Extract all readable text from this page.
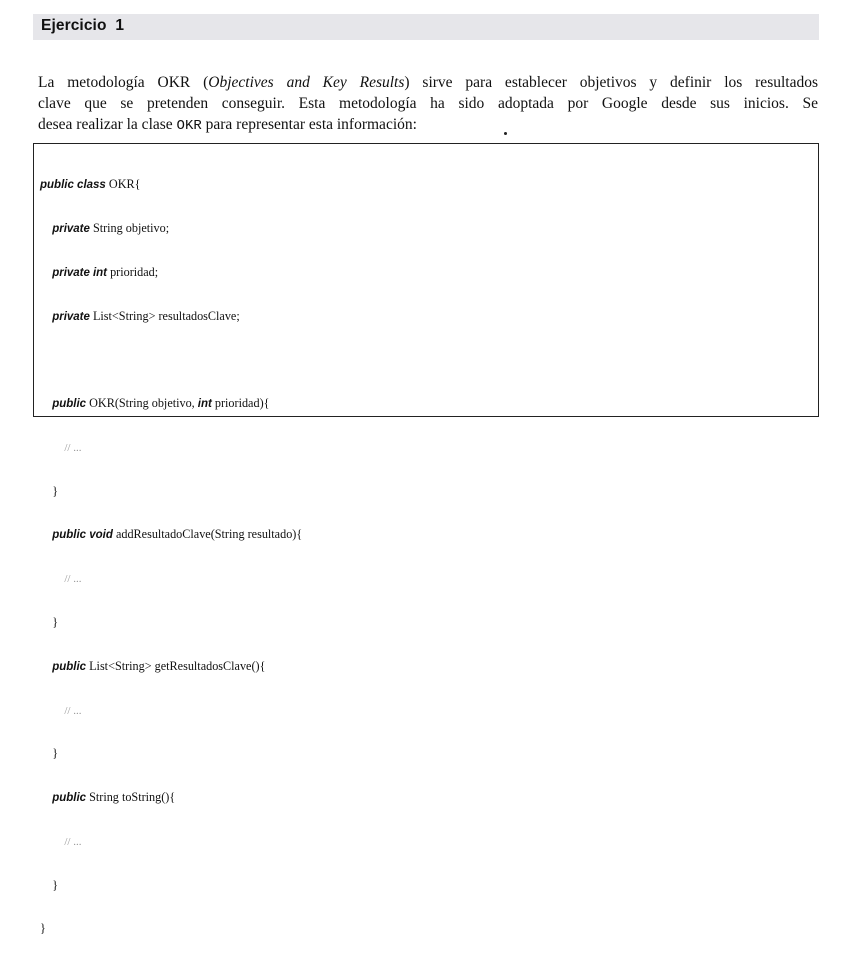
Ejercicio  1
La metodología OKR (Objectives and Key Results) sirve para establecer objetivos y definir los resultados
clave que se pretenden conseguir. Esta metodología ha sido adoptada por Google desde sus inicios. Se
desea realizar la clase OKR para representar esta información:

public class OKR{

private String objetivo;

private int prioridad;

private List<String> resultadosClave;

public OKR(String objetivo, int prioridad){

// ...

}

public void addResultadoClave(String resultado){

// ...

}

public List<String> getResultadosClave(){

// ...

}

public String toString(){

// ...

}

}
